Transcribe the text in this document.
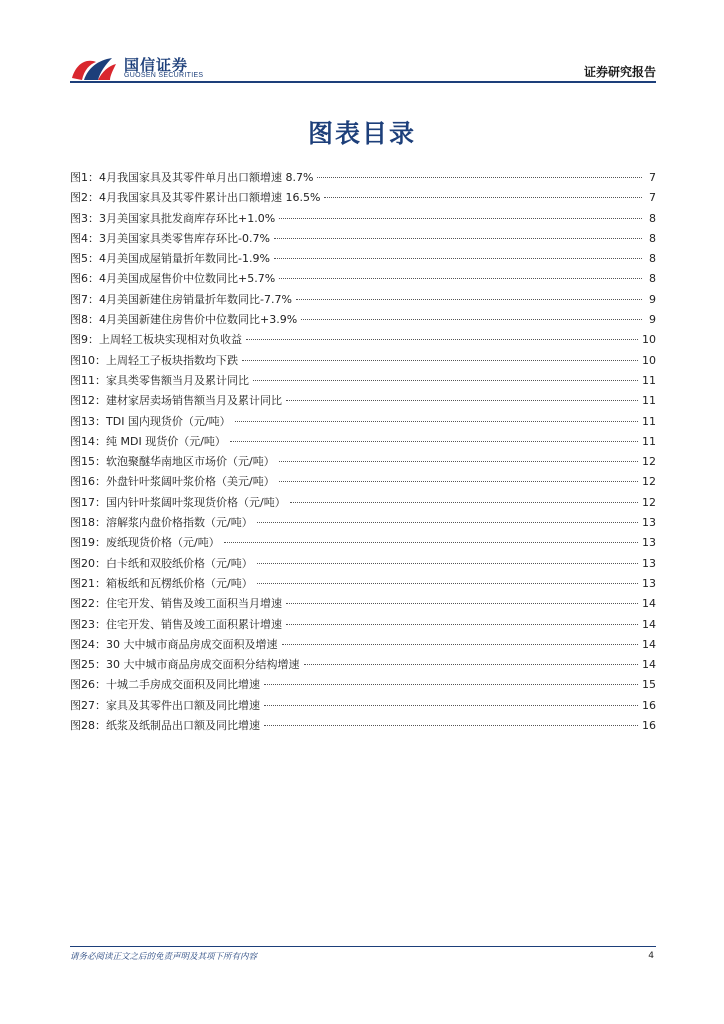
国信证券
GUOSEN SECURITIES	证券研究报告
图表目录
图1： 4月我国家具及其零件单月出口额增速 8.7%	7
图2： 4月我国家具及其零件累计出口额增速 16.5%	7
图3： 3月美国家具批发商库存环比+1.0%	8
图4： 3月美国家具类零售库存环比-0.7%	8
图5： 4月美国成屋销量折年数同比-1.9%	8
图6： 4月美国成屋售价中位数同比+5.7%	8
图7： 4月美国新建住房销量折年数同比-7.7%	9
图8： 4月美国新建住房售价中位数同比+3.9%	9
图9： 上周轻工板块实现相对负收益	10
图10： 上周轻工子板块指数均下跌	10
图11： 家具类零售额当月及累计同比	11
图12： 建材家居卖场销售额当月及累计同比	11
图13： TDI 国内现货价（元/吨）	11
图14： 纯 MDI 现货价（元/吨）	11
图15： 软泡聚醚华南地区市场价（元/吨）	12
图16： 外盘针叶浆阔叶浆价格（美元/吨）	12
图17： 国内针叶浆阔叶浆现货价格（元/吨）	12
图18： 溶解浆内盘价格指数（元/吨）	13
图19： 废纸现货价格（元/吨）	13
图20： 白卡纸和双胶纸价格（元/吨）	13
图21： 箱板纸和瓦楞纸价格（元/吨）	13
图22： 住宅开发、销售及竣工面积当月增速	14
图23： 住宅开发、销售及竣工面积累计增速	14
图24： 30 大中城市商品房成交面积及增速	14
图25： 30 大中城市商品房成交面积分结构增速	14
图26： 十城二手房成交面积及同比增速	15
图27： 家具及其零件出口额及同比增速	16
图28： 纸浆及纸制品出口额及同比增速	16
请务必阅读正文之后的免责声明及其项下所有内容	4
